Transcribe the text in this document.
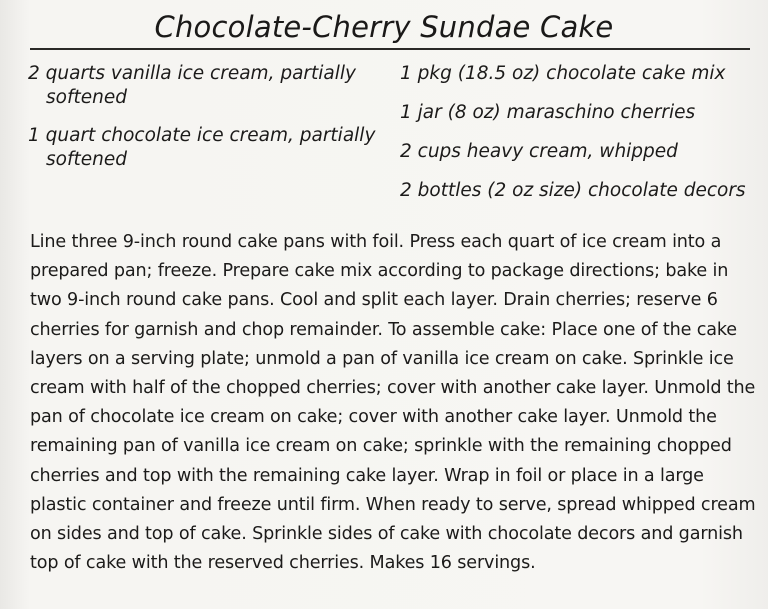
Chocolate-Cherry Sundae Cake
2 quarts vanilla ice cream, partially softened
1 quart chocolate ice cream, partially softened
1 pkg (18.5 oz) chocolate cake mix
1 jar (8 oz) maraschino cherries
2 cups heavy cream, whipped
2 bottles (2 oz size) chocolate decors
Line three 9-inch round cake pans with foil. Press each quart of ice cream into a
prepared pan; freeze. Prepare cake mix according to package directions; bake in
two 9-inch round cake pans. Cool and split each layer. Drain cherries; reserve 6
cherries for garnish and chop remainder. To assemble cake: Place one of the cake
layers on a serving plate; unmold a pan of vanilla ice cream on cake. Sprinkle ice
cream with half of the chopped cherries; cover with another cake layer. Unmold the
pan of chocolate ice cream on cake; cover with another cake layer. Unmold the
remaining pan of vanilla ice cream on cake; sprinkle with the remaining chopped
cherries and top with the remaining cake layer. Wrap in foil or place in a large
plastic container and freeze until firm. When ready to serve, spread whipped cream
on sides and top of cake. Sprinkle sides of cake with chocolate decors and garnish
top of cake with the reserved cherries. Makes 16 servings.
